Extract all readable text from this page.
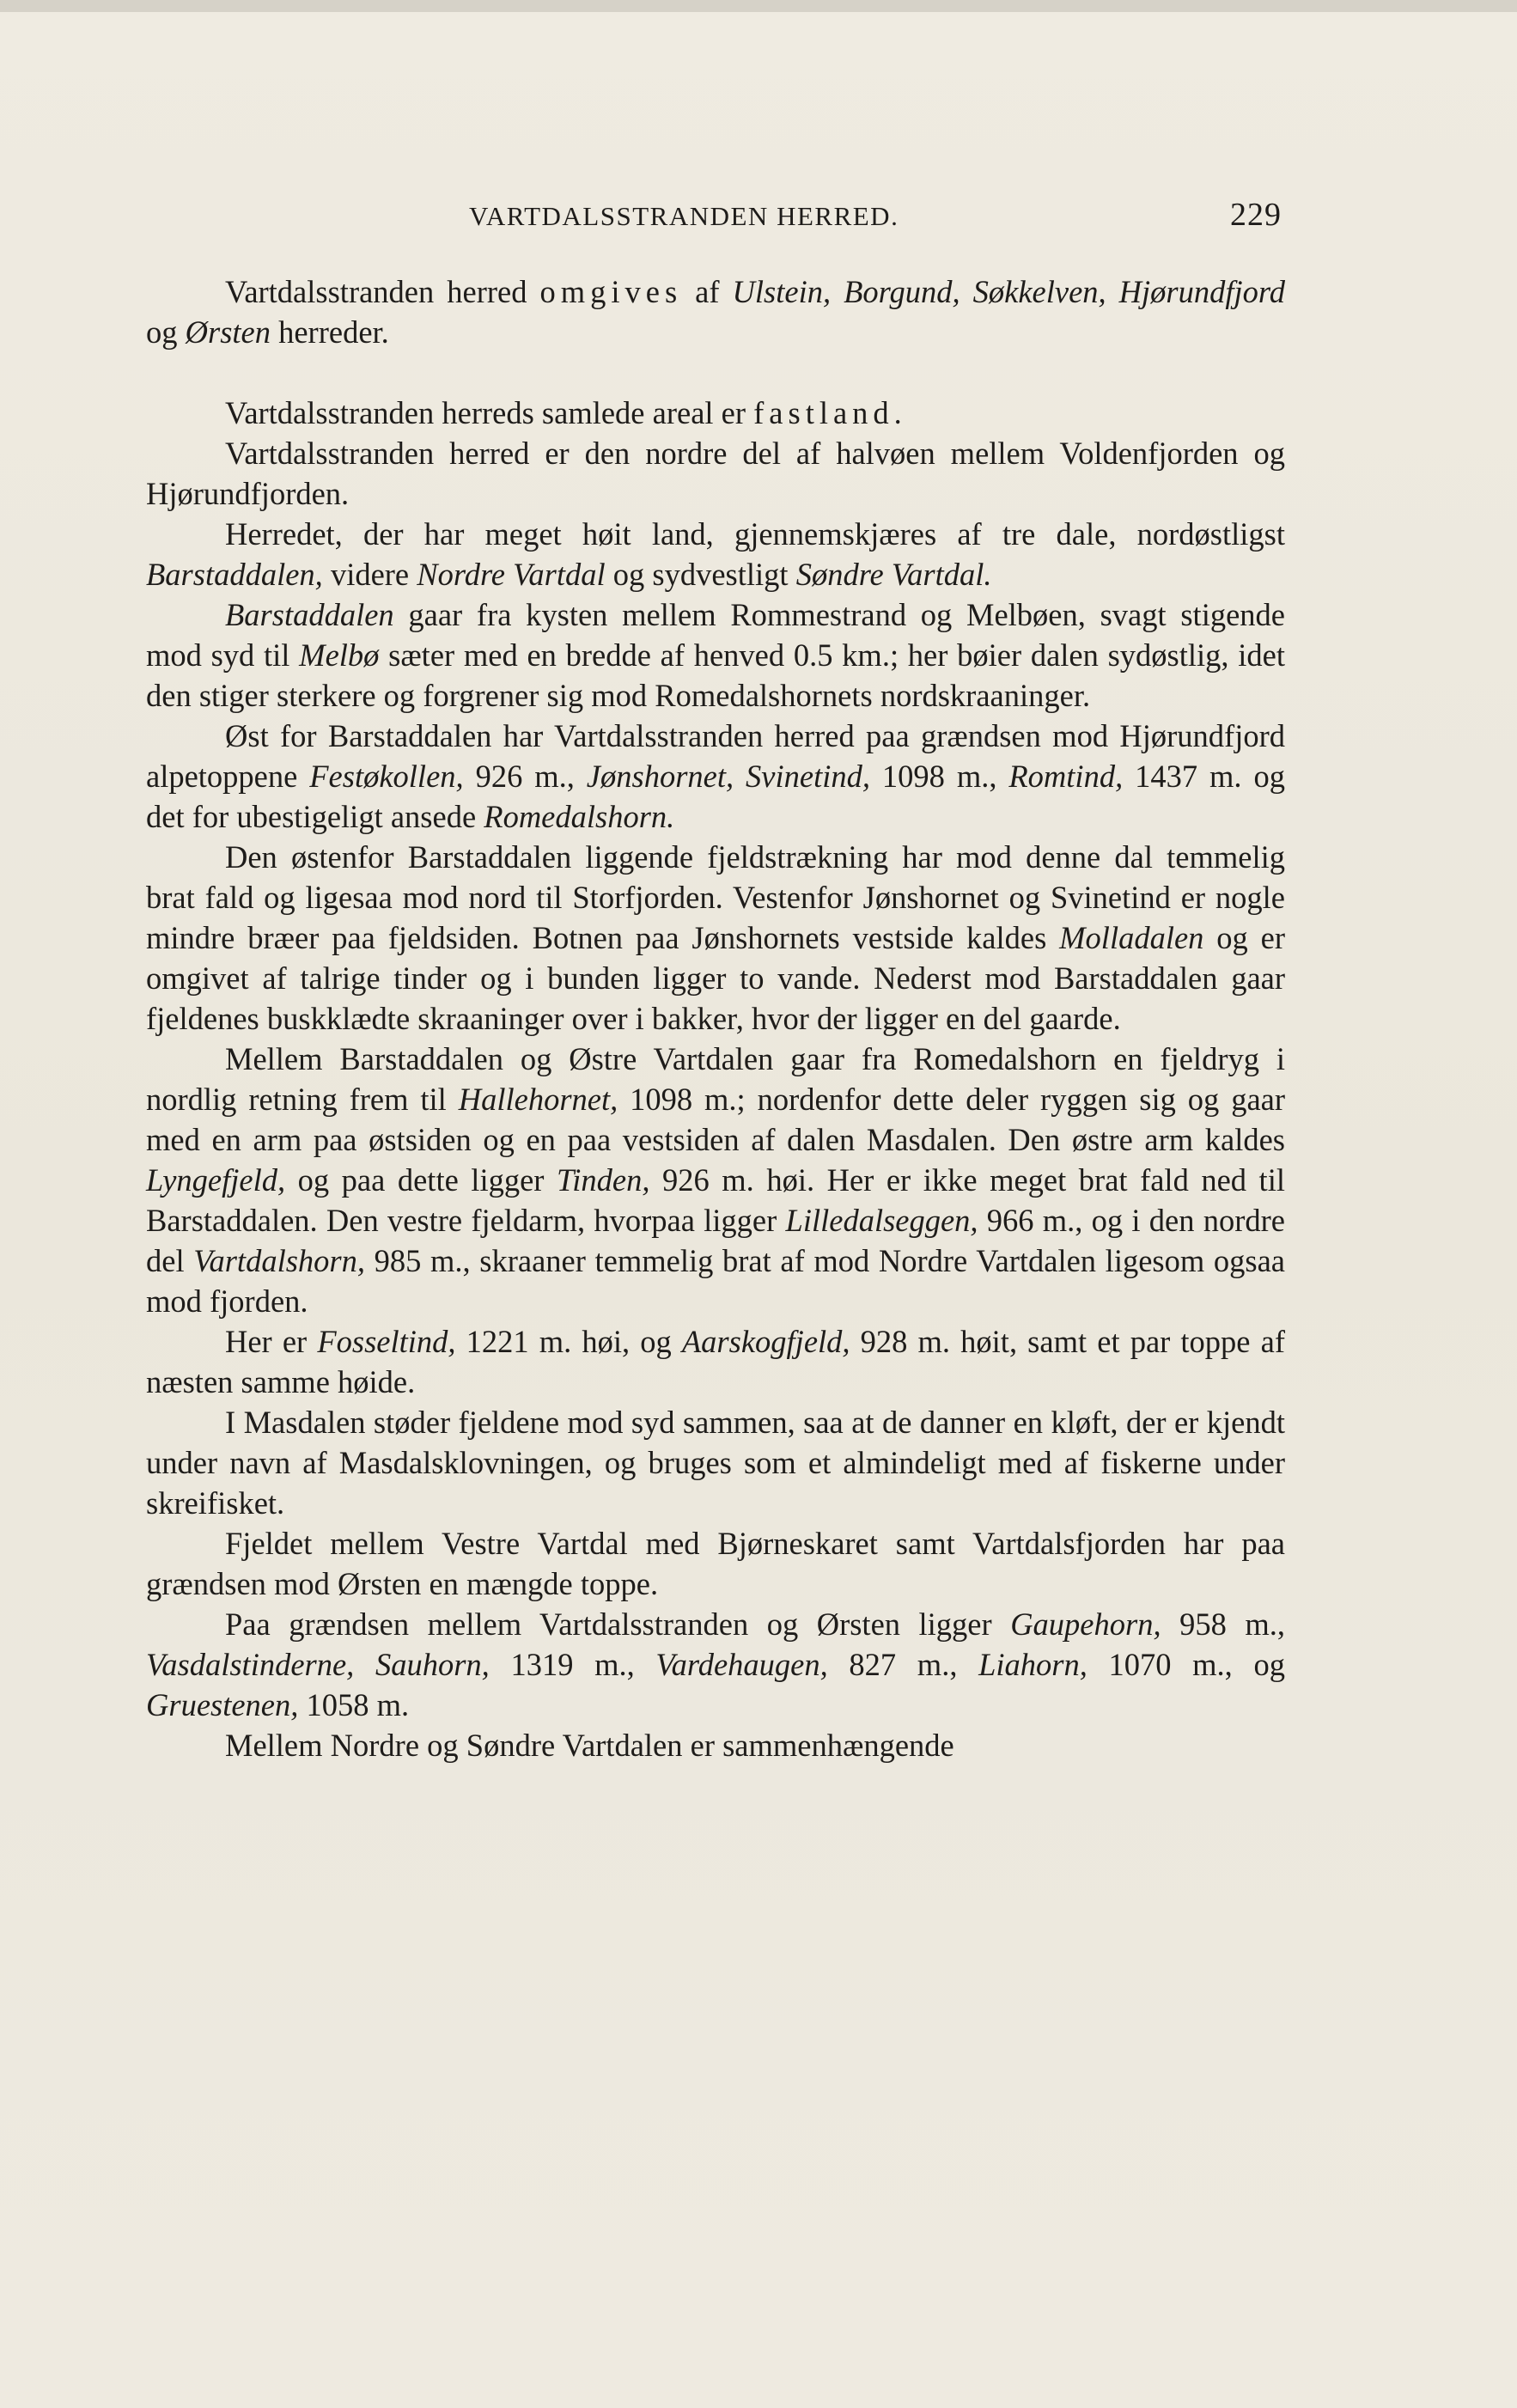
VARTDALSSTRANDEN HERRED.	229

Vartdalsstranden herred omgives af Ulstein, Borgund, Søkkelven, Hjørundfjord og Ørsten herreder.

Vartdalsstranden herreds samlede areal er fastland.

Vartdalsstranden herred er den nordre del af halvøen mellem Voldenfjorden og Hjørundfjorden.

Herredet, der har meget høit land, gjennemskjæres af tre dale, nordøstligst Barstaddalen, videre Nordre Vartdal og sydvestligt Søndre Vartdal.

Barstaddalen gaar fra kysten mellem Rommestrand og Melbøen, svagt stigende mod syd til Melbø sæter med en bredde af henved 0.5 km.; her bøier dalen sydøstlig, idet den stiger sterkere og forgrener sig mod Romedalshornets nordskraaninger.

Øst for Barstaddalen har Vartdalsstranden herred paa grændsen mod Hjørundfjord alpetoppene Festøkollen, 926 m., Jønshornet, Svinetind, 1098 m., Romtind, 1437 m. og det for ubestigeligt ansede Romedalshorn.

Den østenfor Barstaddalen liggende fjeldstrækning har mod denne dal temmelig brat fald og ligesaa mod nord til Storfjorden. Vestenfor Jønshornet og Svinetind er nogle mindre bræer paa fjeldsiden. Botnen paa Jønshornets vestside kaldes Molladalen og er omgivet af talrige tinder og i bunden ligger to vande. Nederst mod Barstaddalen gaar fjeldenes buskklædte skraaninger over i bakker, hvor der ligger en del gaarde.

Mellem Barstaddalen og Østre Vartdalen gaar fra Romedalshorn en fjeldryg i nordlig retning frem til Hallehornet, 1098 m.; nordenfor dette deler ryggen sig og gaar med en arm paa østsiden og en paa vestsiden af dalen Masdalen. Den østre arm kaldes Lyngefjeld, og paa dette ligger Tinden, 926 m. høi. Her er ikke meget brat fald ned til Barstaddalen. Den vestre fjeldarm, hvorpaa ligger Lilledalseggen, 966 m., og i den nordre del Vartdalshorn, 985 m., skraaner temmelig brat af mod Nordre Vartdalen ligesom ogsaa mod fjorden.

Her er Fosseltind, 1221 m. høi, og Aarskogfjeld, 928 m. høit, samt et par toppe af næsten samme høide.

I Masdalen støder fjeldene mod syd sammen, saa at de danner en kløft, der er kjendt under navn af Masdalsklovningen, og bruges som et almindeligt med af fiskerne under skreifisket.

Fjeldet mellem Vestre Vartdal med Bjørneskaret samt Vartdalsfjorden har paa grændsen mod Ørsten en mængde toppe.

Paa grændsen mellem Vartdalsstranden og Ørsten ligger Gaupehorn, 958 m., Vasdalstinderne, Sauhorn, 1319 m., Vardehaugen, 827 m., Liahorn, 1070 m., og Gruestenen, 1058 m.

Mellem Nordre og Søndre Vartdalen er sammenhængende
